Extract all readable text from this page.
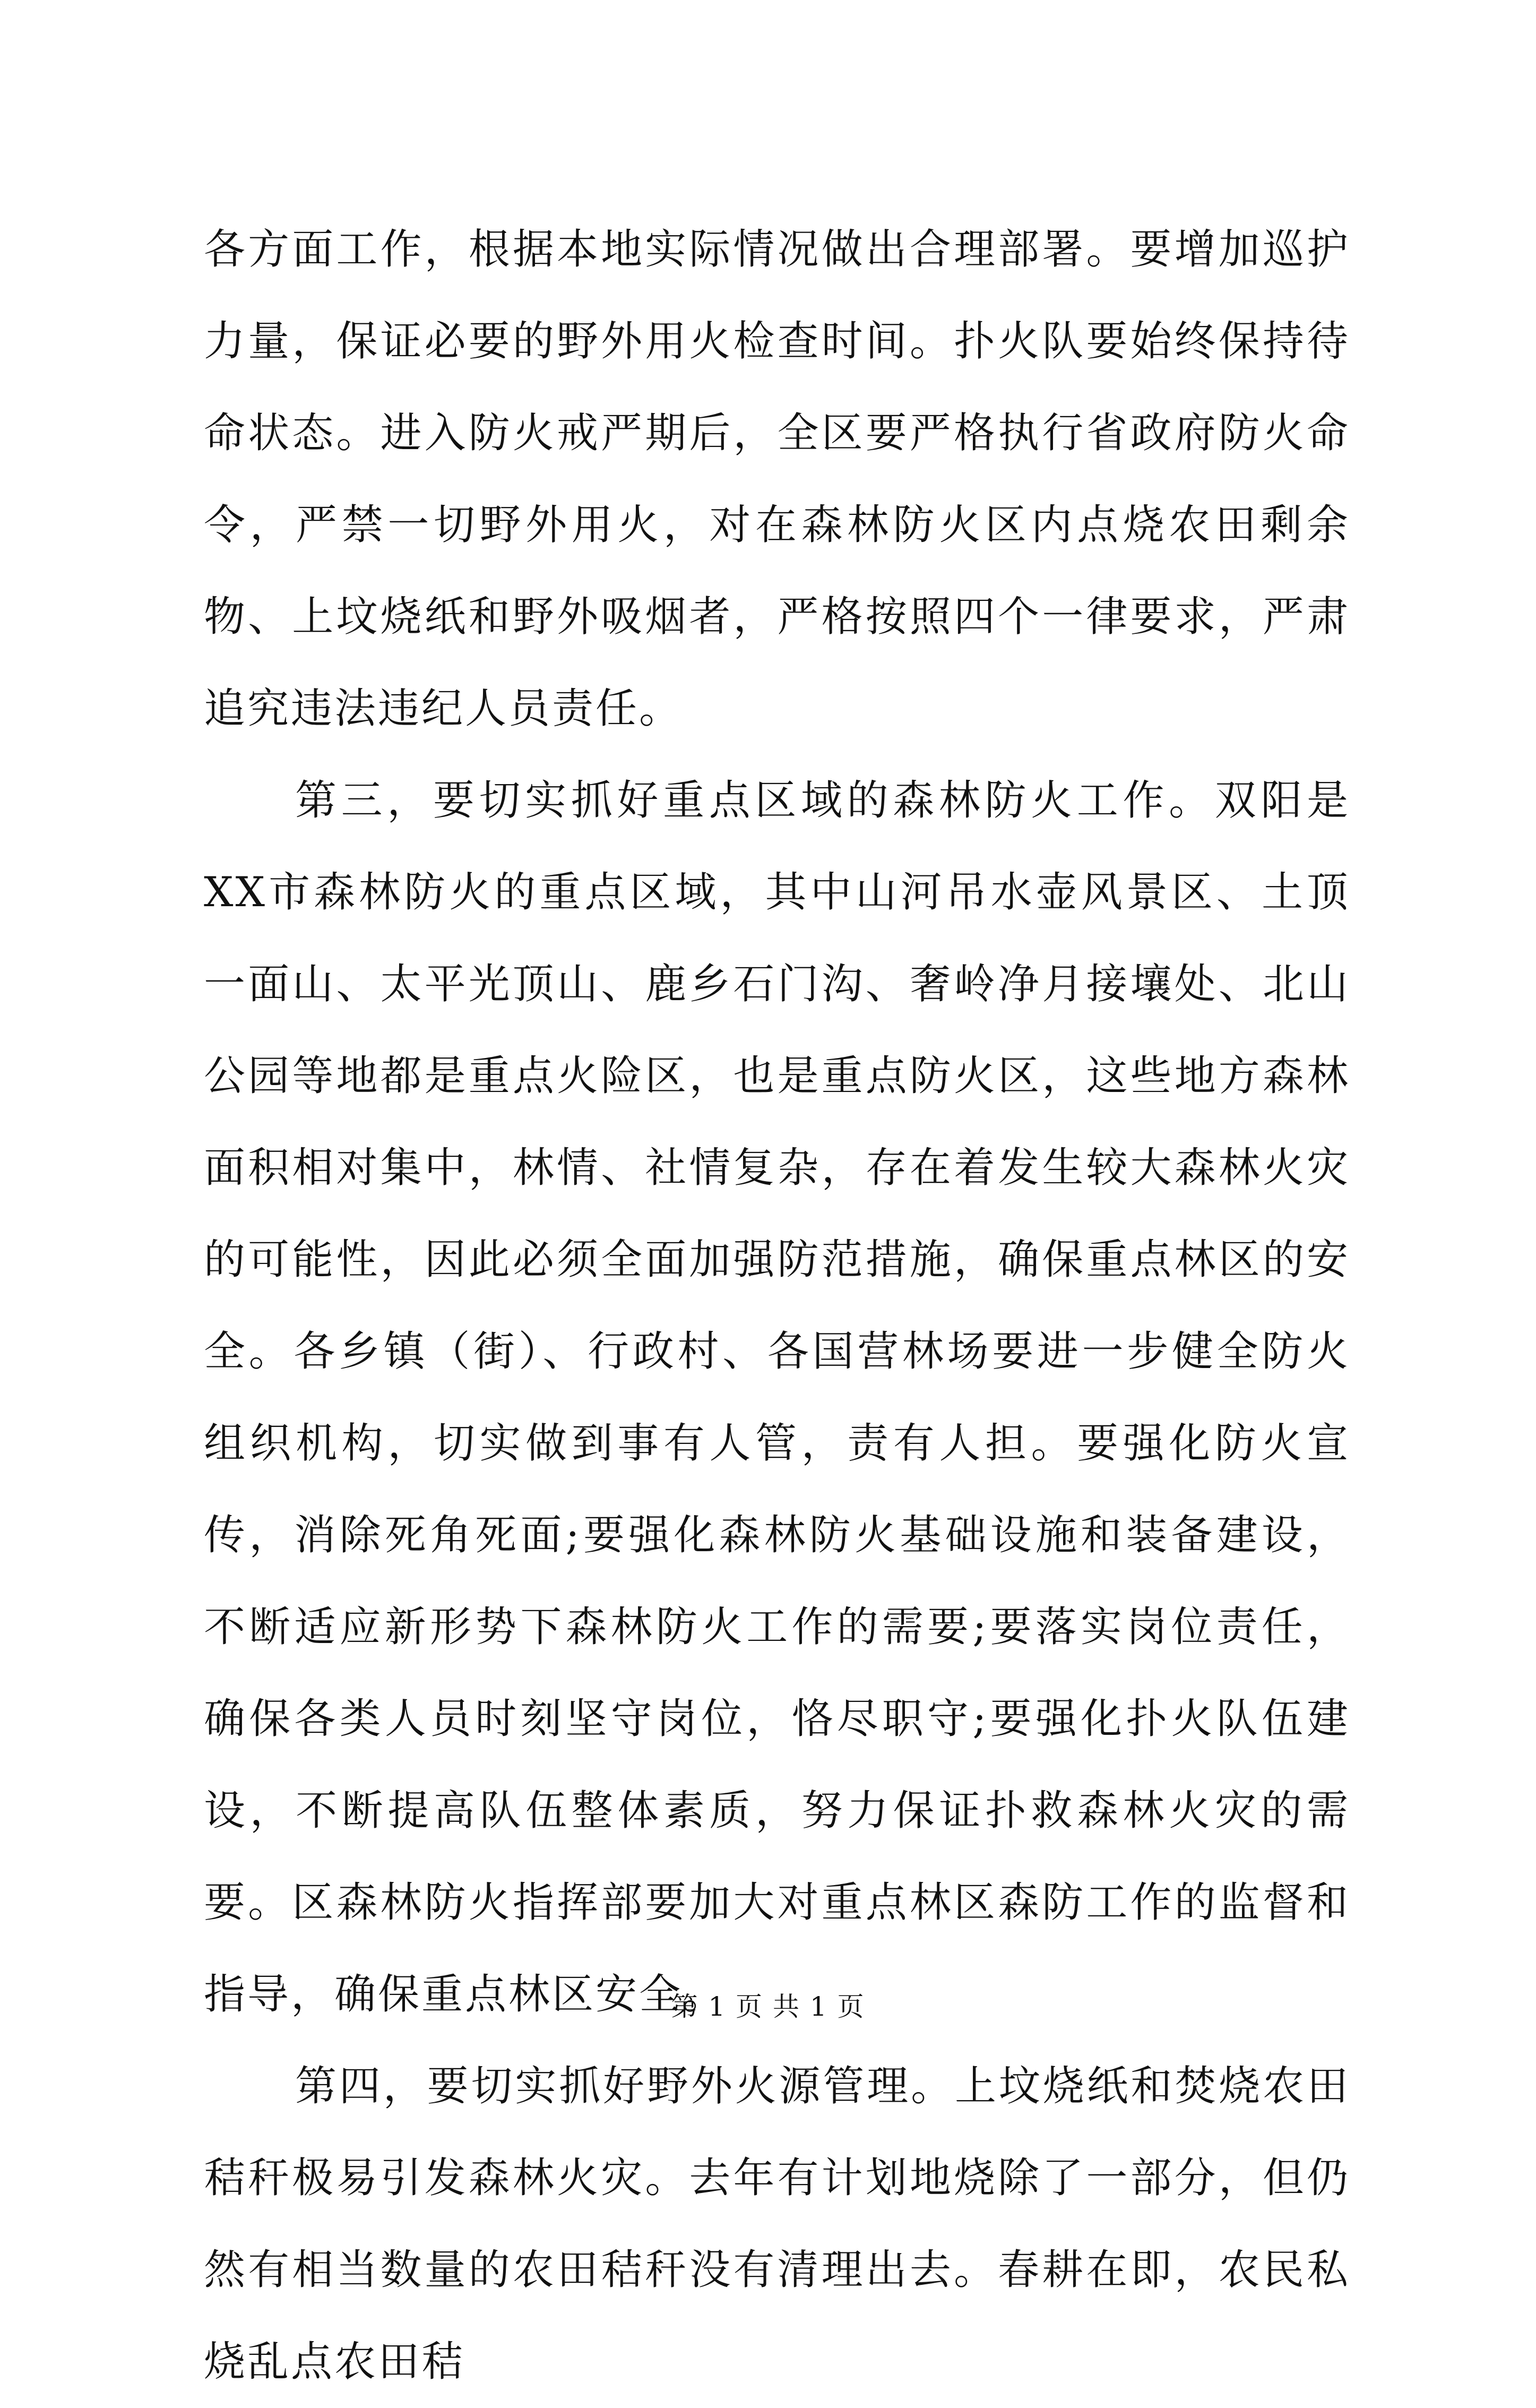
各方面工作，根据本地实际情况做出合理部署。要增加巡护力量，保证必要的野外用火检查时间。扑火队要始终保持待命状态。进入防火戒严期后，全区要严格执行省政府防火命令，严禁一切野外用火，对在森林防火区内点烧农田剩余物、上坟烧纸和野外吸烟者，严格按照四个一律要求，严肃追究违法违纪人员责任。

第三，要切实抓好重点区域的森林防火工作。双阳是XX市森林防火的重点区域，其中山河吊水壶风景区、土顶一面山、太平光顶山、鹿乡石门沟、奢岭净月接壤处、北山公园等地都是重点火险区，也是重点防火区，这些地方森林面积相对集中，林情、社情复杂，存在着发生较大森林火灾的可能性，因此必须全面加强防范措施，确保重点林区的安全。各乡镇（街）、行政村、各国营林场要进一步健全防火组织机构，切实做到事有人管，责有人担。要强化防火宣传，消除死角死面;要强化森林防火基础设施和装备建设，不断适应新形势下森林防火工作的需要;要落实岗位责任，确保各类人员时刻坚守岗位，恪尽职守;要强化扑火队伍建设，不断提高队伍整体素质，努力保证扑救森林火灾的需要。区森林防火指挥部要加大对重点林区森防工作的监督和指导，确保重点林区安全。

第四，要切实抓好野外火源管理。上坟烧纸和焚烧农田秸秆极易引发森林火灾。去年有计划地烧除了一部分，但仍然有相当数量的农田秸秆没有清理出去。春耕在即，农民私烧乱点农田秸

第 1 页 共 1 页
